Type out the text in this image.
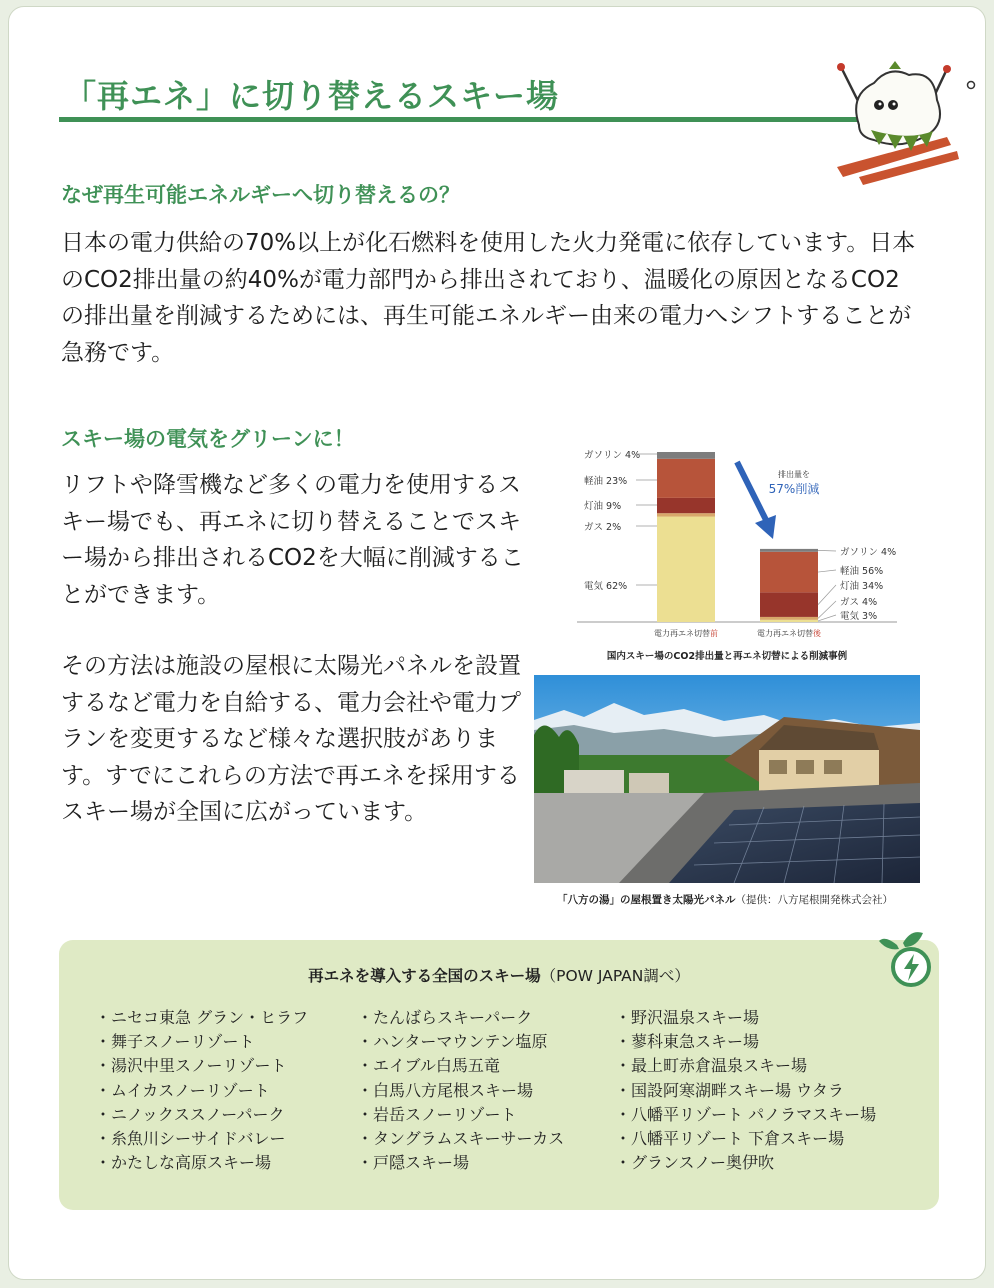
「再エネ」に切り替えるスキー場
なぜ再生可能エネルギーへ切り替えるの？
日本の電力供給の70%以上が化石燃料を使用した火力発電に依存しています。日本のCO2排出量の約40%が電力部門から排出されており、温暖化の原因となるCO2の排出量を削減するためには、再生可能エネルギー由来の電力へシフトすることが急務です。
スキー場の電気をグリーンに！
リフトや降雪機など多くの電力を使用するスキー場でも、再エネに切り替えることでスキー場から排出されるCO2を大幅に削減することができます。
その方法は施設の屋根に太陽光パネルを設置するなど電力を自給する、電力会社や電力プランを変更するなど様々な選択肢があります。すでにこれらの方法で再エネを採用するスキー場が全国に広がっています。
電気 62%
ガス 2%
灯油 9%
軽油 23%
ガソリン 4%
電気 3%
ガス 4%
灯油 34%
軽油 56%
ガソリン 4%
電力再エネ切替前	電力再エネ切替後
排出量を
57%削減
国内スキー場のCO2排出量と再エネ切替による削減事例
「八方の湯」の屋根置き太陽光パネル（提供：八方尾根開発株式会社）
再エネを導入する全国のスキー場（POW JAPAN調べ）
・ニセコ東急 グラン・ヒラフ
・舞子スノーリゾート
・湯沢中里スノーリゾート
・ムイカスノーリゾート
・ニノックススノーパーク
・糸魚川シーサイドバレー
・かたしな高原スキー場
・たんばらスキーパーク
・ハンターマウンテン塩原
・エイブル白馬五竜
・白馬八方尾根スキー場
・岩岳スノーリゾート
・タングラムスキーサーカス
・戸隠スキー場
・野沢温泉スキー場
・蓼科東急スキー場
・最上町赤倉温泉スキー場
・国設阿寒湖畔スキー場 ウタラ
・八幡平リゾート パノラマスキー場
・八幡平リゾート 下倉スキー場
・グランスノー奥伊吹
